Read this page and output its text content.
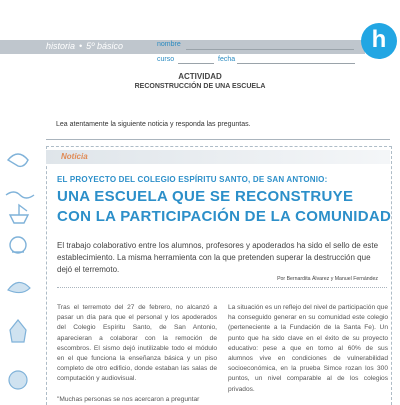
historia • 5º básico	nombre
curso	fecha
h
ACTIVIDAD
RECONSTRUCCIÓN DE UNA ESCUELA
Lea atentamente la siguiente noticia y responda las preguntas.
Noticia
EL PROYECTO DEL COLEGIO ESPÍRITU SANTO, DE SAN ANTONIO:
UNA ESCUELA QUE SE RECONSTRUYE
CON LA PARTICIPACIÓN DE LA COMUNIDAD
El trabajo colaborativo entre los alumnos, profesores y apoderados ha sido el sello de este establecimiento. La misma herramienta con la que pretenden superar la destrucción que dejó el terremoto.
Por Bernardita Álvarez y Manuel Fernández
Tras el terremoto del 27 de febrero, no alcanzó a pasar un día para que el personal y los apoderados del Colegio Espíritu Santo, de San Antonio, aparecieran a colaborar con la remoción de escombros. El sismo dejó inutilizable todo el módulo en el que funciona la enseñanza básica y un piso completo de otro edificio, donde estaban las salas de computación y audiovisual.
"Muchas personas se nos acercaron a preguntar
La situación es un reflejo del nivel de participación que ha conseguido generar en su comunidad este colegio (perteneciente a la Fundación de la Santa Fe). Un punto que ha sido clave en el éxito de su proyecto educativo: pese a que en torno al 60% de sus alumnos vive en condiciones de vulnerabilidad socioeconómica, en la prueba Simce rozan los 300 puntos, un nivel comparable al de los colegios privados.
